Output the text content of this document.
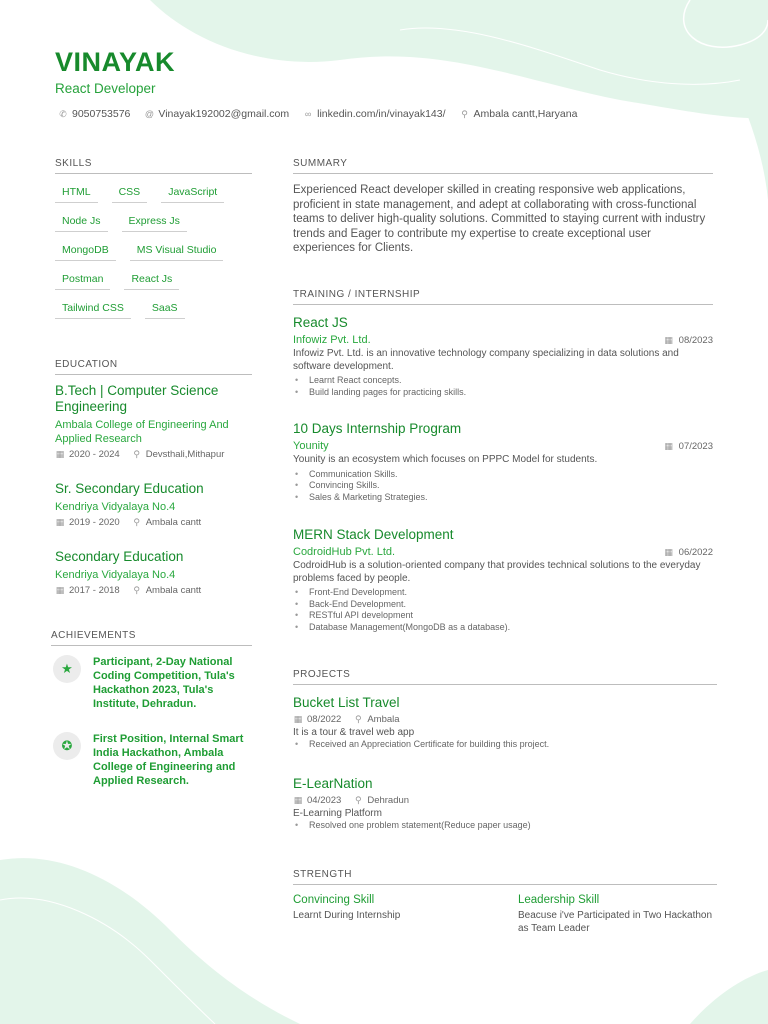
VINAYAK
React Developer
✆ 9050753576 @ Vinayak192002@gmail.com ∞ linkedin.com/in/vinayak143/ ⚲ Ambala cantt,Haryana
SKILLS
HTML	CSS	JavaScript
Node Js	Express Js
MongoDB	MS Visual Studio
Postman	React Js
Tailwind CSS	SaaS
EDUCATION
B.Tech | Computer Science Engineering
Ambala College of Engineering And Applied Research
▦ 2020 - 2024 ⚲ Devsthali,Mithapur
Sr. Secondary Education
Kendriya Vidyalaya No.4
▦ 2019 - 2020 ⚲ Ambala cantt
Secondary Education
Kendriya Vidyalaya No.4
▦ 2017 - 2018 ⚲ Ambala cantt
ACHIEVEMENTS
★	Participant, 2-Day National Coding Competition, Tula's Hackathon 2023, Tula's Institute, Dehradun.
✪	First Position, Internal Smart India Hackathon, Ambala College of Engineering and Applied Research.
SUMMARY
Experienced React developer skilled in creating responsive web applications, proficient in state management, and adept at collaborating with cross-functional teams to deliver high-quality solutions. Committed to staying current with industry trends and Eager to contribute my expertise to create exceptional user experiences for Clients.
TRAINING / INTERNSHIP
React JS
Infowiz Pvt. Ltd.	▦ 08/2023
Infowiz Pvt. Ltd. is an innovative technology company specializing in data solutions and software development.
• Learnt React concepts.
• Build landing pages for practicing skills.
10 Days Internship Program
Younity	▦ 07/2023
Younity is an ecosystem which focuses on PPPC Model for students.
• Communication Skills.
• Convincing Skills.
• Sales & Marketing Strategies.
MERN Stack Development
CodroidHub Pvt. Ltd.	▦ 06/2022
CodroidHub is a solution-oriented company that provides technical solutions to the everyday problems faced by people.
• Front-End Development.
• Back-End Development.
• RESTful API development
• Database Management(MongoDB as a database).
PROJECTS
Bucket List Travel
▦ 08/2022 ⚲ Ambala
It is a tour & travel web app
• Received an Appreciation Certificate for building this project.
E-LearNation
▦ 04/2023 ⚲ Dehradun
E-Learning Platform
• Resolved one problem statement(Reduce paper usage)
STRENGTH
Convincing Skill

Learnt During Internship

Leadership Skill

Beacuse i've Participated in Two Hackathon as Team Leader
